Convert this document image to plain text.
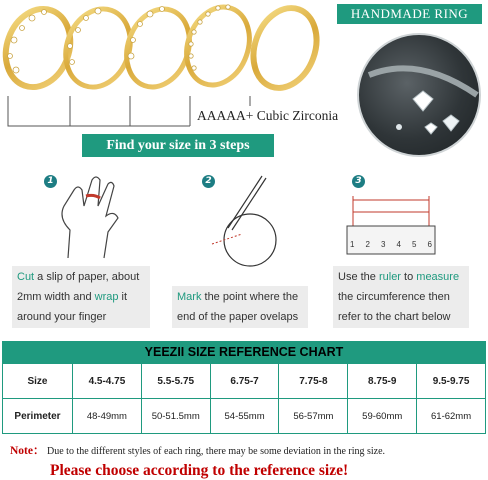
HANDMADE RING
AAAAA+ Cubic Zirconia
Find your size in 3 steps
1
Cut a slip of paper, about 2mm width and wrap it around your finger
2
Mark the point where the end of the paper ovelaps
3
1 2 3 4 5 6
Use the ruler to measure the circumference then refer to the chart below
YEEZII SIZE REFERENCE CHART
Size	4.5-4.75	5.5-5.75	6.75-7	7.75-8	8.75-9	9.5-9.75
Perimeter	48-49mm	50-51.5mm	54-55mm	56-57mm	59-60mm	61-62mm
Note： Due to the different styles of each ring, there may be some deviation in the ring size.
Please choose according to the reference size!
